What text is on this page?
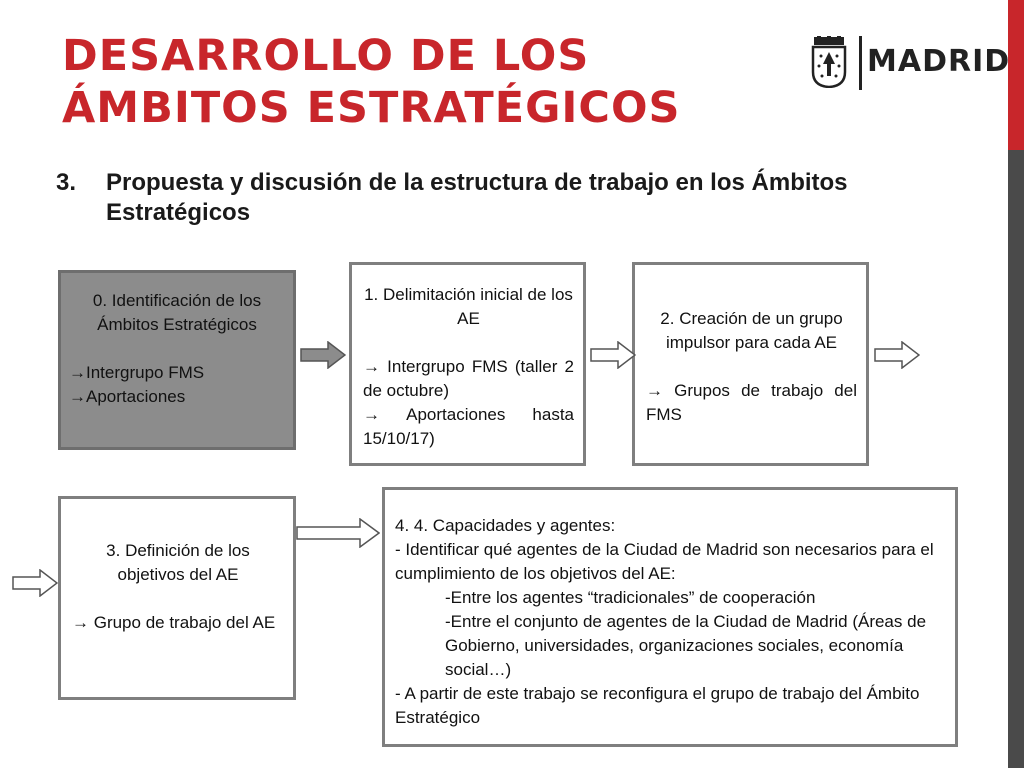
DESARROLLO DE LOS
ÁMBITOS ESTRATÉGICOS
MADRID
3. Propuesta y discusión de la estructura de trabajo en los Ámbitos Estratégicos

0. Identificación de los Ámbitos Estratégicos

→Intergrupo FMS

→Aportaciones

1. Delimitación inicial de los AE

→ Intergrupo FMS (taller 2 de octubre)

→ Aportaciones hasta 15/10/17)

2. Creación de un grupo impulsor para cada AE

→ Grupos de trabajo del FMS

3. Definición de los objetivos del AE

→ Grupo de trabajo del AE

4. 4. Capacidades y agentes:

- Identificar qué agentes de la Ciudad de Madrid son necesarios para el cumplimiento de los objetivos del AE:

-Entre los agentes “tradicionales” de cooperación

-Entre el conjunto de agentes de la Ciudad de Madrid (Áreas de Gobierno, universidades, organizaciones sociales, economía social…)

- A partir de este trabajo se reconfigura el grupo de trabajo del Ámbito Estratégico
